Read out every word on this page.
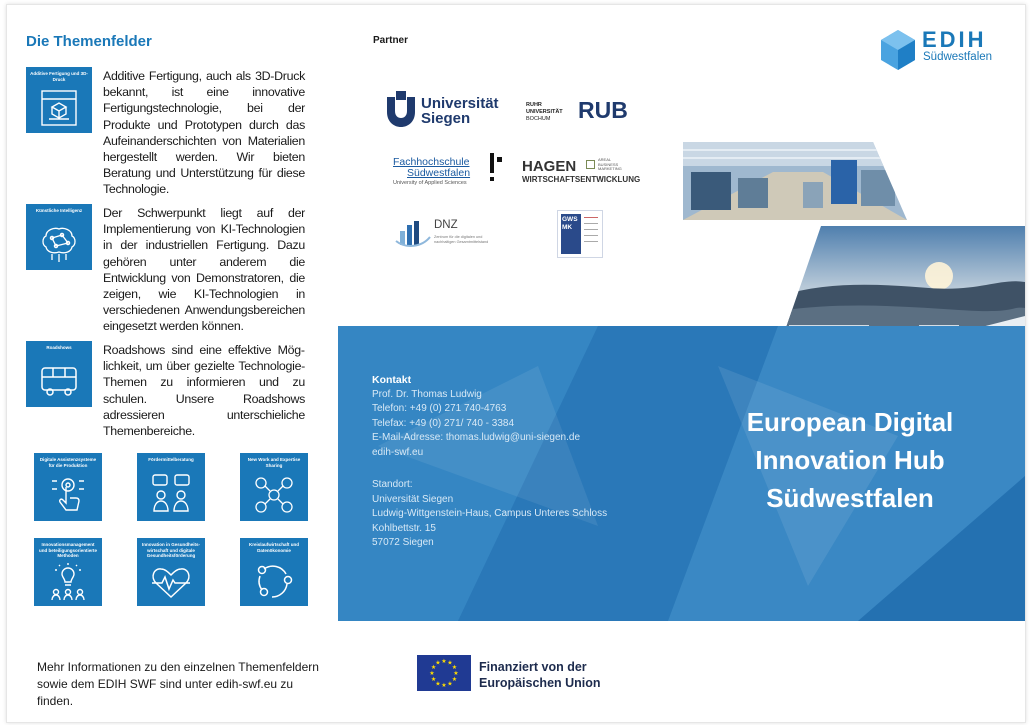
Die Themenfelder
Additive Fertigung und 3D-Druck	Additive Fertigung, auch als 3D-Druck bekannt, ist eine innovative Fertigungstechnologie, bei der Produkte und Prototypen durch das Aufeinanderschichten von Materialien hergestellt werden. Wir bieten Beratung und Unterstützung für diese Technologie.
Künstliche Intelligenz	Der Schwerpunkt liegt auf der Implementierung von KI-Technologien in der industriellen Fertigung. Dazu gehören unter anderem die Entwicklung von Demonstratoren, die zeigen, wie KI-Technologien in verschiedenen Anwendungsbereichen eingesetzt werden können.
Roadshows	Roadshows sind eine effektive Möglichkeit, um über gezielte Technologie-Themen zu informieren und zu schulen. Unsere Roadshows adressieren unterschieliche Themenbereiche.
Digitale Assistenzsysteme für die Produktion
Fördermittelberatung	New Work and Expertise Sharing
Innovationsmanagement und beteiligungsorientierte Methoden
Innovation in Gesundheitswirtschaft und digitale Gesundheitsförderung
Kreislaufwirtschaft und Datenökonomie
Mehr Informationen zu den einzelnen Themenfeldern
sowie dem EDIH SWF sind unter edih-swf.eu zu finden.
Partner
Universität
Siegen
RUHR
UNIVERSITÄT
BOCHUM	RUB
Fachhochschule
Südwestfalen
University of Applied Sciences
HAGEN	AREAL
BUSINESS
MARKETING
WIRTSCHAFTSENTWICKLUNG
DNZ
Zentrum für die digitalen und nachhaltigen Gesamtmittelstand
GWS
MK
EDIH
Südwestfalen
Kontakt
Prof. Dr. Thomas Ludwig
Telefon: +49 (0) 271 740-4763
Telefax: +49 (0) 271/ 740 - 3384
E-Mail-Adresse: thomas.ludwig@uni-siegen.de
edih-swf.eu
Standort:
Universität Siegen
Ludwig-Wittgenstein-Haus, Campus Unteres Schloss
Kohlbettstr. 15
57072 Siegen
European Digital
Innovation Hub
Südwestfalen
★ ★
★
★
★
★
★
★
★
★
★
★	Finanziert von der
Europäischen Union
